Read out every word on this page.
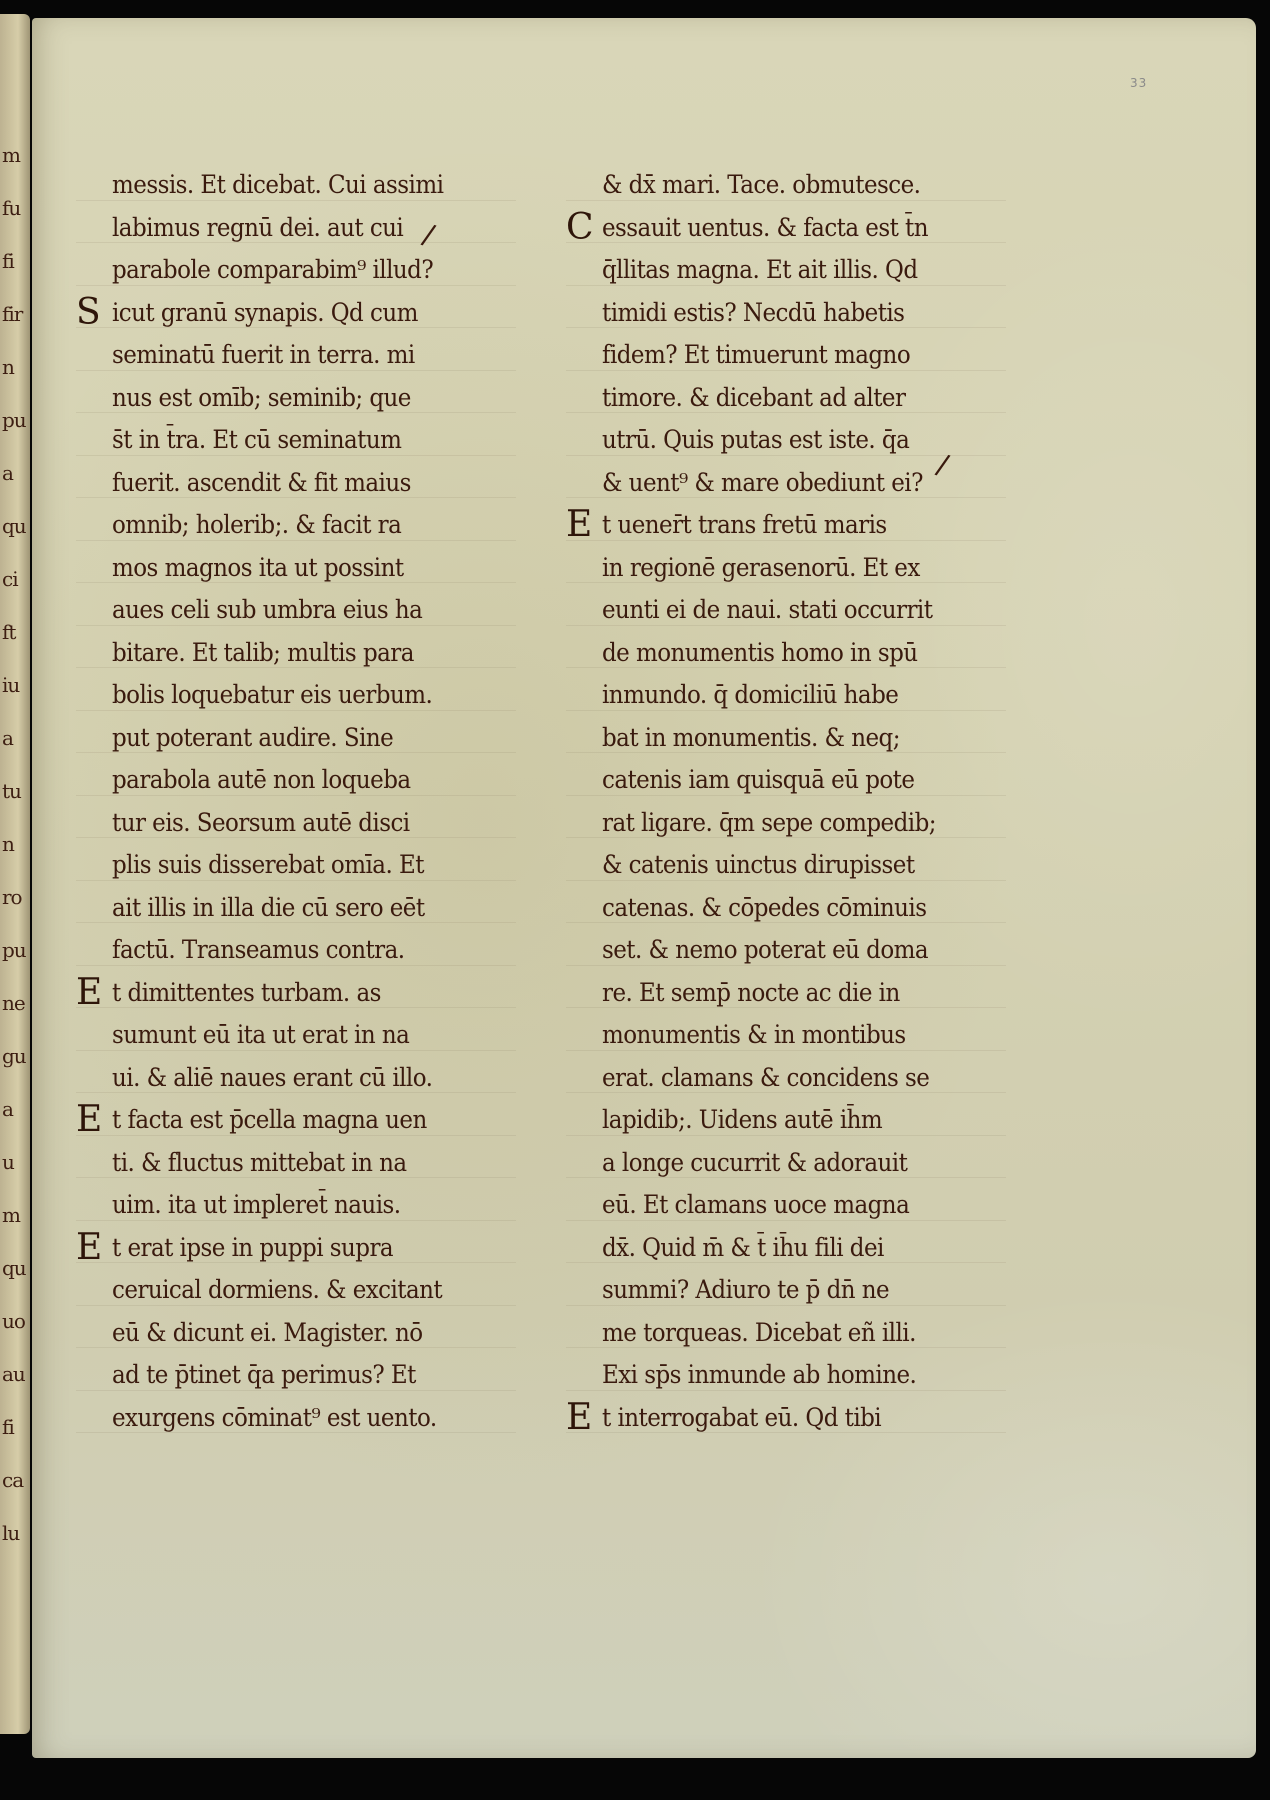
m
fu
fi
fir
n
pu
a
qu
ci
ft
iu
a
tu
n
ro
pu
ne
gu
a
u
m
qu
uo
au
fi
ca
lu
33
messis. Et dicebat. Cui assimi
labimus regnū dei. aut cui
parabole comparabim⁹ illud?
S icut granū synapis. Qd cum
seminatū fuerit in terra. mi
nus est omīb; seminib; que
s̄t in t̄ra. Et cū seminatum
fuerit. ascendit & fit maius
omnib; holerib;. & facit ra
mos magnos ita ut possint
aues celi sub umbra eius ha
bitare. Et talib; multis para
bolis loquebatur eis uerbum.
put poterant audire. Sine
parabola autē non loqueba
tur eis. Seorsum autē disci
plis suis disserebat omīa. Et
ait illis in illa die cū sero eēt
factū. Transeamus contra.
E t dimittentes turbam. as
sumunt eū ita ut erat in na
ui. & aliē naues erant cū illo.
E t facta est p̄cella magna uen
ti. & fluctus mittebat in na
uim. ita ut impleret̄ nauis.
E t erat ipse in puppi supra
ceruical dormiens. & excitant
eū & dicunt ei. Magister. nō
ad te p̄tinet q̄a perimus? Et
exurgens cōminat⁹ est uento.
& dx̄ mari. Tace. obmutesce.
C essauit uentus. & facta est t̄n
q̄llitas magna. Et ait illis. Qd
timidi estis? Necdū habetis
fidem? Et timuerunt magno
timore. & dicebant ad alter
utrū. Quis putas est iste. q̄a
& uent⁹ & mare obediunt ei?
E t uener̄t trans fretū maris
in regionē gerasenorū. Et ex
eunti ei de naui. stati occurrit
de monumentis homo in spū
inmundo. q̄ domiciliū habe
bat in monumentis. & neq;
catenis iam quisquā eū pote
rat ligare. q̄m sepe compedib;
& catenis uinctus dirupisset
catenas. & cōpedes cōminuis
set. & nemo poterat eū doma
re. Et semp̄ nocte ac die in
monumentis & in montibus
erat. clamans & concidens se
lapidib;. Uidens autē ih̄m
a longe cucurrit & adorauit
eū. Et clamans uoce magna
dx̄. Quid m̄ & t̄ ih̄u fili dei
summi? Adiuro te p̄ dn̄ ne
me torqueas. Dicebat eñ illi.
Exi sp̄s inmunde ab homine.
E t interrogabat eū. Qd tibi
/
/
